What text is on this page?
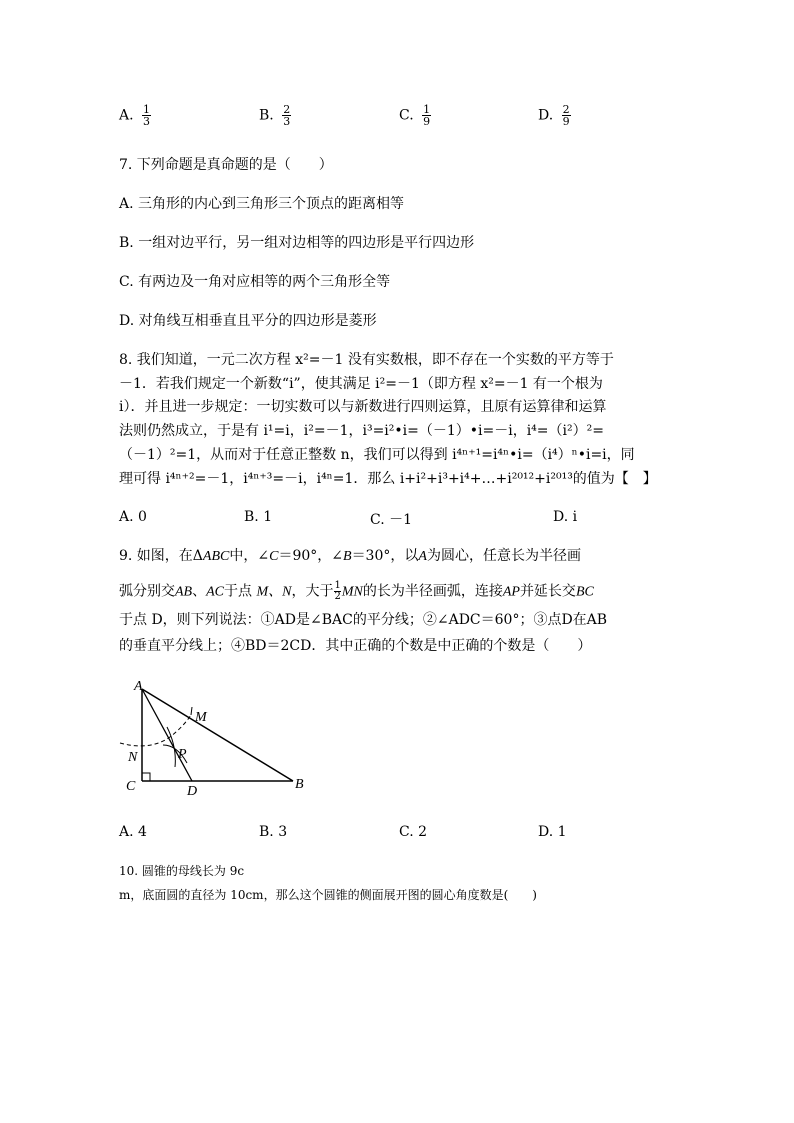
A. $\frac{1}{3}$	B. $\frac{2}{3}$	C. $\frac{1}{9}$	D. $\frac{2}{9}$
7. 下列命题是真命题的是（　　）
A. 三角形的内心到三角形三个顶点的距离相等
B. 一组对边平行，另一组对边相等的四边形是平行四边形
C. 有两边及一角对应相等的两个三角形全等
D. 对角线互相垂直且平分的四边形是菱形
8. 我们知道，一元二次方程 x²=－1 没有实数根，即不存在一个实数的平方等于
－1．若我们规定一个新数“i”，使其满足 i²=－1（即方程 x²=－1 有一个根为
i）．并且进一步规定：一切实数可以与新数进行四则运算，且原有运算律和运算
法则仍然成立，于是有 i¹=i，i²=－1，i³=i²•i=（－1）•i=－i，i⁴=（i²）²=
（－1）²=1，从而对于任意正整数 n，我们可以得到 i⁴ⁿ⁺¹=i⁴ⁿ•i=（i⁴）ⁿ•i=i，同
理可得 i⁴ⁿ⁺²=－1，i⁴ⁿ⁺³=－i，i⁴ⁿ=1．那么 i+i²+i³+i⁴+…+i²⁰¹²+i²⁰¹³的值为【　】
A. 0	B. 1	C. －1	D. i
9. 如图，在ΔABC中，∠C＝90°，∠B＝30°，以A为圆心，任意长为半径画
弧分别交AB、AC于点 M、N，大于 $\frac{1}{2}$ MN的长为半径画弧，连接AP并延长交BC
于点 D，则下列说法：①AD是∠BAC的平分线；②∠ADC＝60°；③点D在AB
的垂直平分线上；④BD＝2CD．其中正确的个数是中正确的个数是（　　）
A
B
C	D
M
N	P
A. 4	B. 3	C. 2	D. 1
10. 圆锥的母线长为 9c
m，底面圆的直径为 10cm，那么这个圆锥的侧面展开图的圆心角度数是(　　)
